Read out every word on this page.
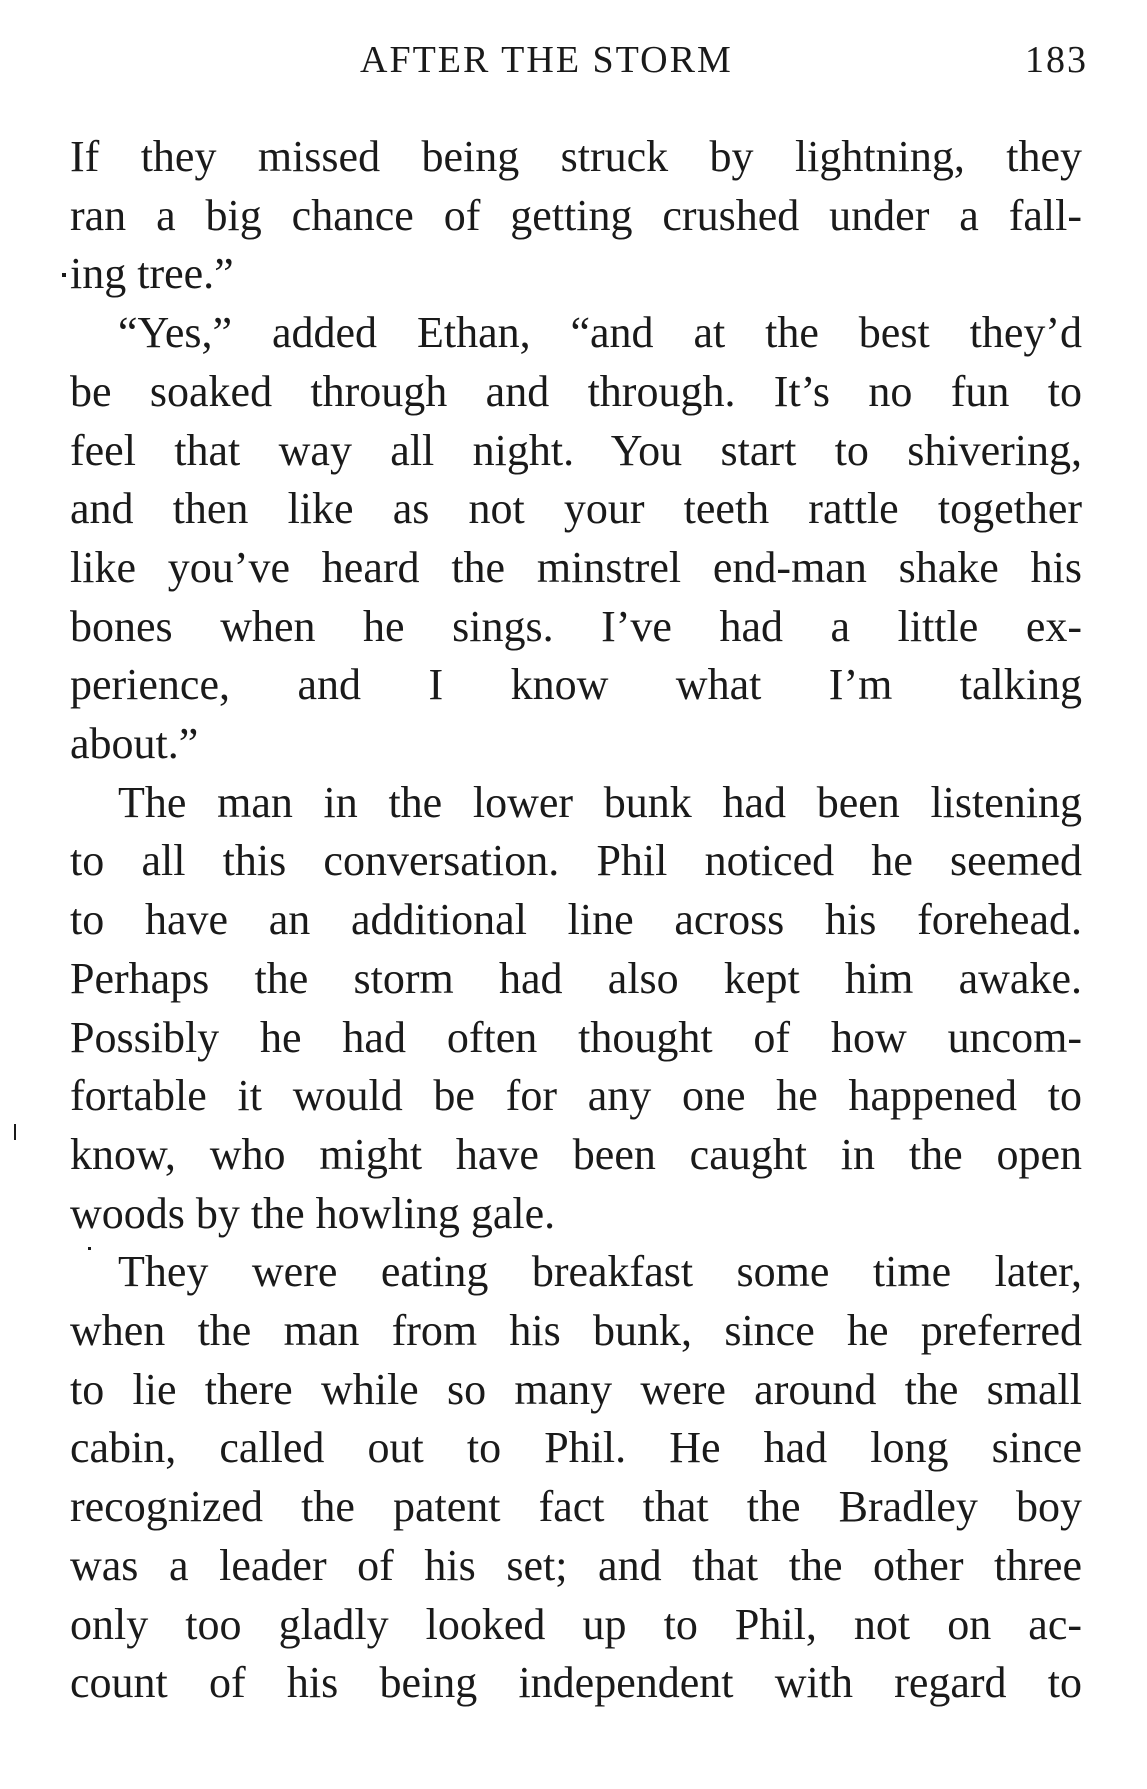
AFTER THE STORM	183
If they missed being struck by lightning, they
ran a big chance of getting crushed under a fall-
ing tree.”
“Yes,” added Ethan, “and at the best they’d
be soaked through and through. It’s no fun to
feel that way all night. You start to shivering,
and then like as not your teeth rattle together
like you’ve heard the minstrel end-man shake his
bones when he sings. I’ve had a little ex-
perience, and I know what I’m talking
about.”
The man in the lower bunk had been listening
to all this conversation. Phil noticed he seemed
to have an additional line across his forehead.
Perhaps the storm had also kept him awake.
Possibly he had often thought of how uncom-
fortable it would be for any one he happened to
know, who might have been caught in the open
woods by the howling gale.
They were eating breakfast some time later,
when the man from his bunk, since he preferred
to lie there while so many were around the small
cabin, called out to Phil. He had long since
recognized the patent fact that the Bradley boy
was a leader of his set; and that the other three
only too gladly looked up to Phil, not on ac-
count of his being independent with regard to
